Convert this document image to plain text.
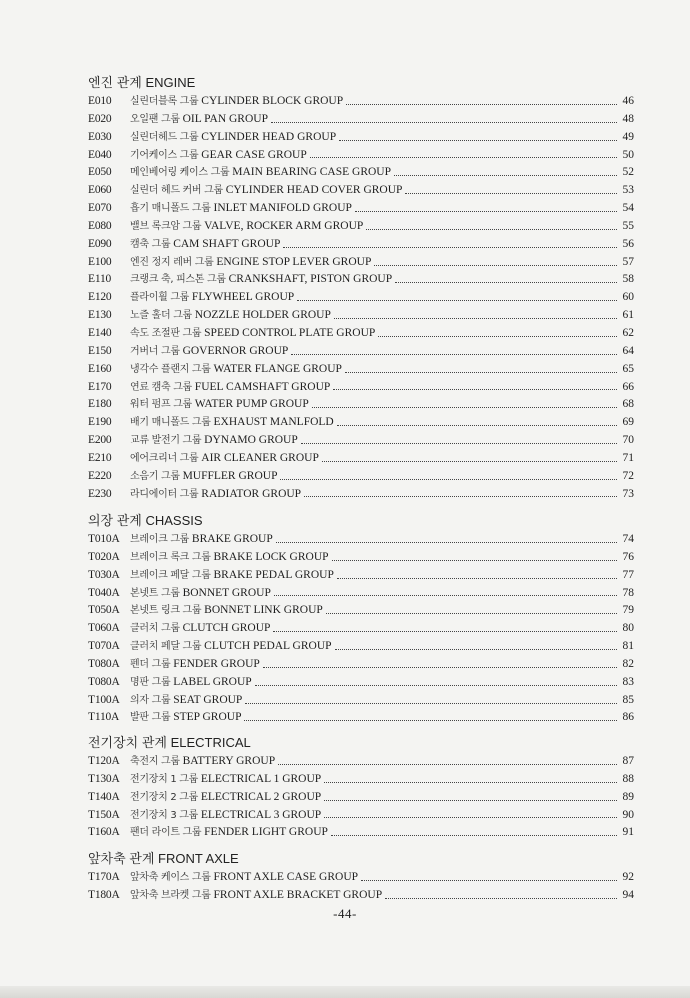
엔진 관계 ENGINE
E010 실린더블록 그룹 CYLINDER BLOCK GROUP	46
E020 오일팬 그룹 OIL PAN GROUP	48
E030 실린더헤드 그룹 CYLINDER HEAD GROUP	49
E040 기어케이스 그룹 GEAR CASE GROUP	50
E050 메인베어링 케이스 그룹 MAIN BEARING CASE GROUP	52
E060 실린더 헤드 커버 그룹 CYLINDER HEAD COVER GROUP	53
E070 흡기 매니폴드 그룹 INLET MANIFOLD GROUP	54
E080 밸브 록크암 그룹 VALVE, ROCKER ARM GROUP	55
E090 캠축 그룹 CAM SHAFT GROUP	56
E100 엔진 정지 레버 그룹 ENGINE STOP LEVER GROUP	57
E110 크랭크 축, 피스톤 그룹 CRANKSHAFT, PISTON GROUP	58
E120 플라이휠 그룹 FLYWHEEL GROUP	60
E130 노즐 홀더 그룹 NOZZLE HOLDER GROUP	61
E140 속도 조절판 그룹 SPEED CONTROL PLATE GROUP	62
E150 거버너 그룹 GOVERNOR GROUP	64
E160 냉각수 플랜지 그룹 WATER FLANGE GROUP	65
E170 연료 캠축 그룹 FUEL CAMSHAFT GROUP	66
E180 워터 펌프 그룹 WATER PUMP GROUP	68
E190 배기 매니폴드 그룹 EXHAUST MANLFOLD	69
E200 교류 발전기 그룹 DYNAMO GROUP	70
E210 에어크리너 그룹 AIR CLEANER GROUP	71
E220 소음기 그룹 MUFFLER GROUP	72
E230 라디에이터 그룹 RADIATOR GROUP	73
의장 관계 CHASSIS
T010A 브레이크 그룹 BRAKE GROUP	74
T020A 브레이크 록크 그룹 BRAKE LOCK GROUP	76
T030A 브레이크 페달 그룹 BRAKE PEDAL GROUP	77
T040A 본넷트 그룹 BONNET GROUP	78
T050A 본넷트 링크 그룹 BONNET LINK GROUP	79
T060A 클러치 그룹 CLUTCH GROUP	80
T070A 클러치 페달 그룹 CLUTCH PEDAL GROUP	81
T080A 펜더 그룹 FENDER GROUP	82
T080A 명판 그룹 LABEL GROUP	83
T100A 의자 그룹 SEAT GROUP	85
T110A 발판 그룹 STEP GROUP	86
전기장치 관계 ELECTRICAL
T120A 축전지 그룹 BATTERY GROUP	87
T130A 전기장치 1 그룹 ELECTRICAL 1 GROUP	88
T140A 전기장치 2 그룹 ELECTRICAL 2 GROUP	89
T150A 전기장치 3 그룹 ELECTRICAL 3 GROUP	90
T160A 팬더 라이트 그룹 FENDER LIGHT GROUP	91
앞차축 관계 FRONT AXLE
T170A 앞차축 케이스 그룹 FRONT AXLE CASE GROUP	92
T180A 앞차축 브라켓 그룹 FRONT AXLE BRACKET GROUP	94
-44-
